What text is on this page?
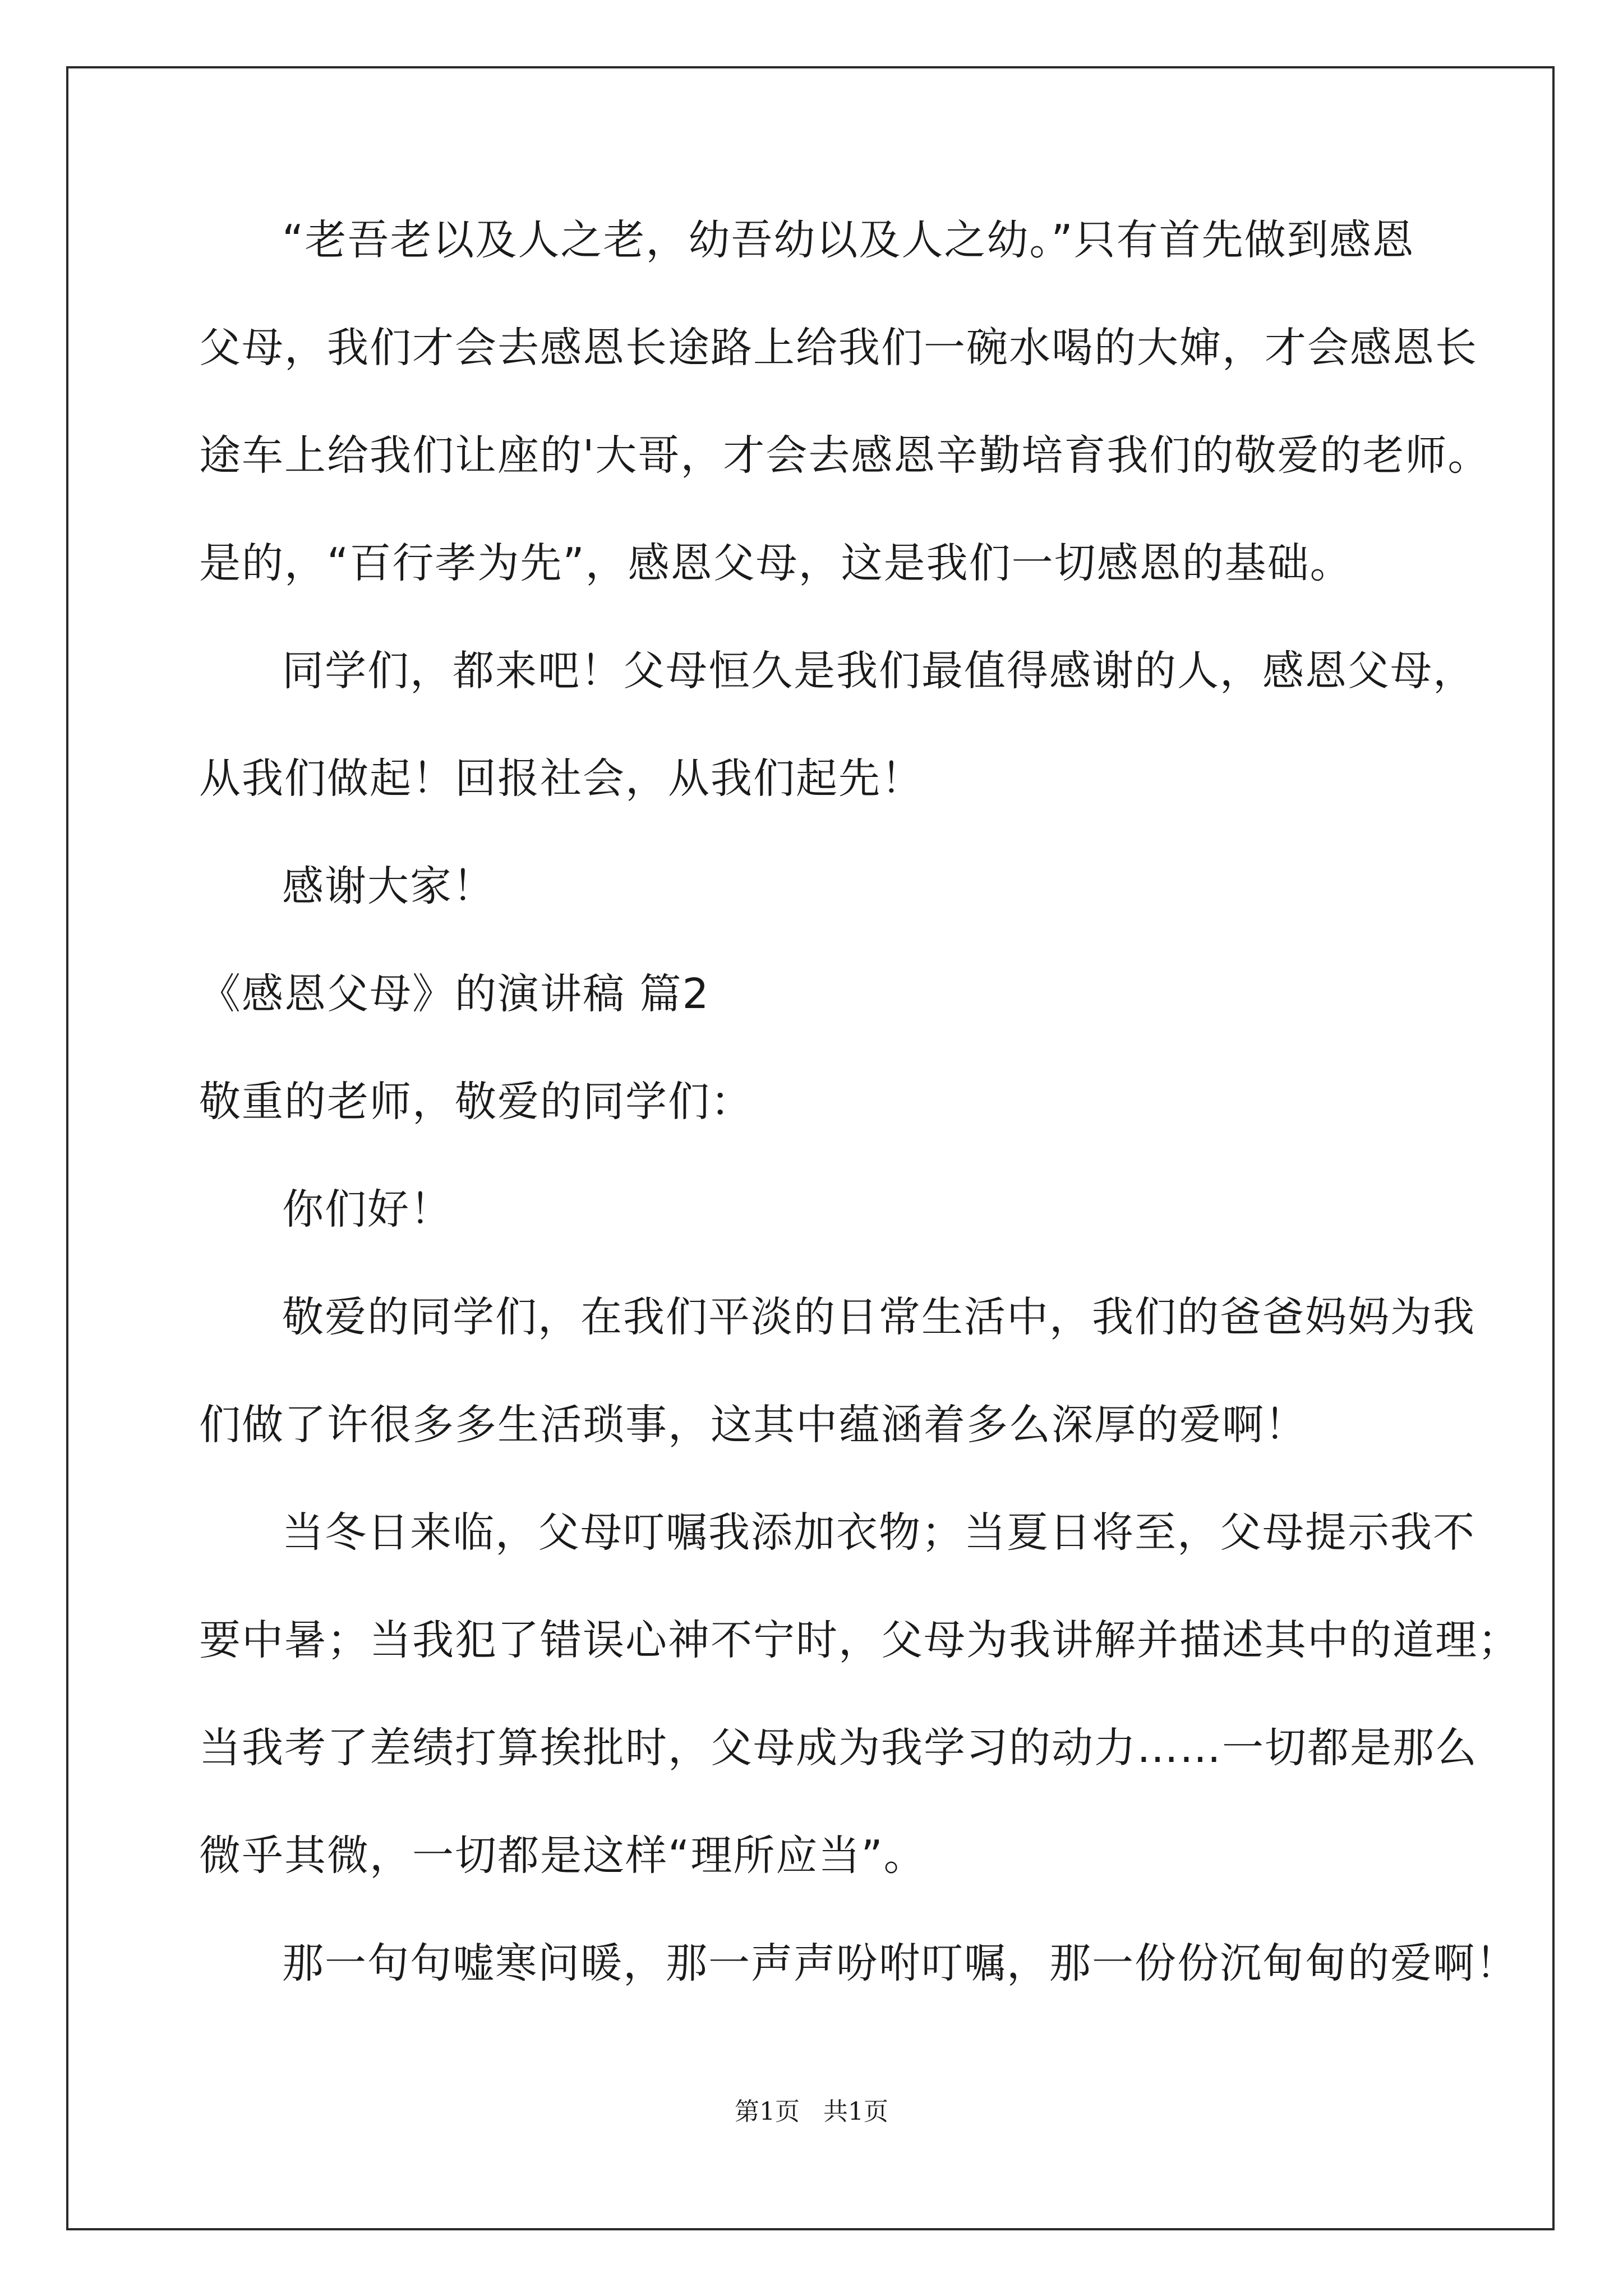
“老吾老以及人之老，幼吾幼以及人之幼。”只有首先做到感恩
父母，我们才会去感恩长途路上给我们一碗水喝的大婶，才会感恩长
途车上给我们让座的'大哥，才会去感恩辛勤培育我们的敬爱的老师。
是的，“百行孝为先”，感恩父母，这是我们一切感恩的基础。
同学们，都来吧！父母恒久是我们最值得感谢的人，感恩父母，
从我们做起！回报社会，从我们起先！
感谢大家！
《感恩父母》的演讲稿 篇2
敬重的老师，敬爱的同学们：
你们好！
敬爱的同学们，在我们平淡的日常生活中，我们的爸爸妈妈为我
们做了许很多多生活琐事，这其中蕴涵着多么深厚的爱啊！
当冬日来临，父母叮嘱我添加衣物；当夏日将至，父母提示我不
要中暑；当我犯了错误心神不宁时，父母为我讲解并描述其中的道理；
当我考了差绩打算挨批时，父母成为我学习的动力……一切都是那么
微乎其微，一切都是这样“理所应当”。
那一句句嘘寒问暖，那一声声吩咐叮嘱，那一份份沉甸甸的爱啊！
第1页 共1页
